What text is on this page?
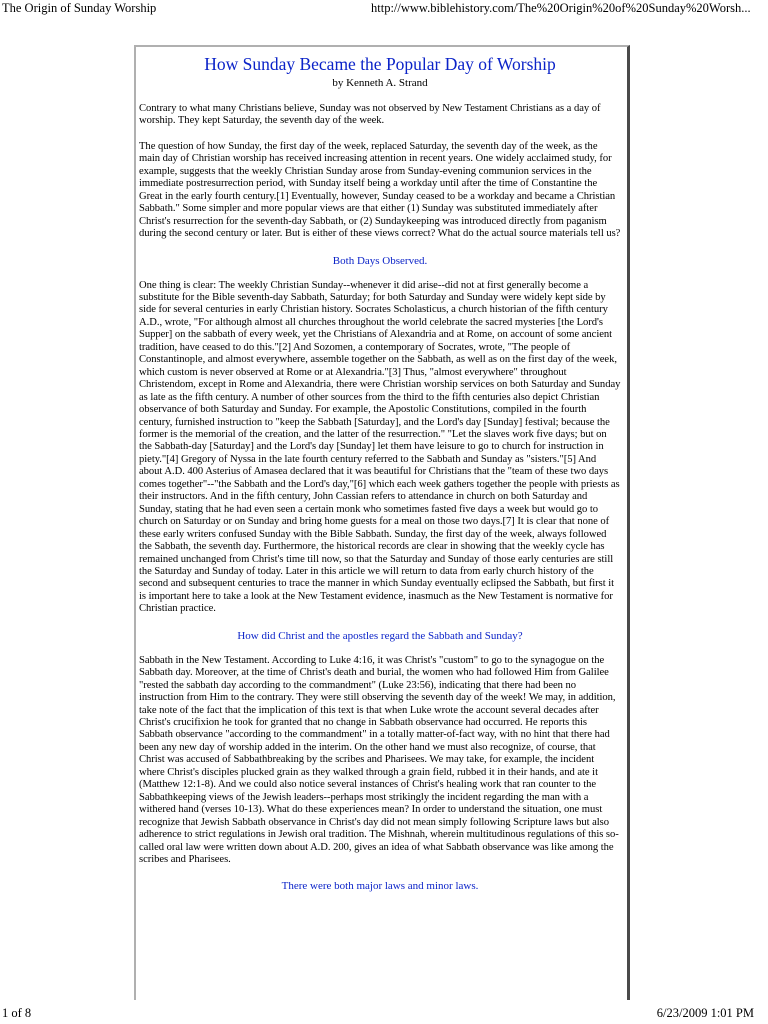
The Origin of Sunday Worship	http://www.biblehistory.com/The%20Origin%20of%20Sunday%20Worsh...
How Sunday Became the Popular Day of Worship
by Kenneth A. Strand

Contrary to what many Christians believe, Sunday was not observed by New Testament Christians as a day of worship. They kept Saturday, the seventh day of the week.

The question of how Sunday, the first day of the week, replaced Saturday, the seventh day of the week, as the main day of Christian worship has received increasing attention in recent years. One widely acclaimed study, for example, suggests that the weekly Christian Sunday arose from Sunday-evening communion services in the immediate postresurrection period, with Sunday itself being a workday until after the time of Constantine the Great in the early fourth century.[1] Eventually, however, Sunday ceased to be a workday and became a Christian Sabbath." Some simpler and more popular views are that either (1) Sunday was substituted immediately after Christ's resurrection for the seventh-day Sabbath, or (2) Sundaykeeping was introduced directly from paganism during the second century or later. But is either of these views correct? What do the actual source materials tell us?

Both Days Observed.

One thing is clear: The weekly Christian Sunday--whenever it did arise--did not at first generally become a substitute for the Bible seventh-day Sabbath, Saturday; for both Saturday and Sunday were widely kept side by side for several centuries in early Christian history. Socrates Scholasticus, a church historian of the fifth century A.D., wrote, "For although almost all churches throughout the world celebrate the sacred mysteries [the Lord's Supper] on the sabbath of every week, yet the Christians of Alexandria and at Rome, on account of some ancient tradition, have ceased to do this."[2] And Sozomen, a contemporary of Socrates, wrote, "The people of Constantinople, and almost everywhere, assemble together on the Sabbath, as well as on the first day of the week, which custom is never observed at Rome or at Alexandria."[3] Thus, "almost everywhere" throughout Christendom, except in Rome and Alexandria, there were Christian worship services on both Saturday and Sunday as late as the fifth century. A number of other sources from the third to the fifth centuries also depict Christian observance of both Saturday and Sunday. For example, the Apostolic Constitutions, compiled in the fourth century, furnished instruction to "keep the Sabbath [Saturday], and the Lord's day [Sunday] festival; because the former is the memorial of the creation, and the latter of the resurrection." "Let the slaves work five days; but on the Sabbath-day [Saturday] and the Lord's day [Sunday] let them have leisure to go to church for instruction in piety."[4] Gregory of Nyssa in the late fourth century referred to the Sabbath and Sunday as "sisters."[5] And about A.D. 400 Asterius of Amasea declared that it was beautiful for Christians that the "team of these two days comes together"--"the Sabbath and the Lord's day,"[6] which each week gathers together the people with priests as their instructors. And in the fifth century, John Cassian refers to attendance in church on both Saturday and Sunday, stating that he had even seen a certain monk who sometimes fasted five days a week but would go to church on Saturday or on Sunday and bring home guests for a meal on those two days.[7] It is clear that none of these early writers confused Sunday with the Bible Sabbath. Sunday, the first day of the week, always followed the Sabbath, the seventh day. Furthermore, the historical records are clear in showing that the weekly cycle has remained unchanged from Christ's time till now, so that the Saturday and Sunday of those early centuries are still the Saturday and Sunday of today. Later in this article we will return to data from early church history of the second and subsequent centuries to trace the manner in which Sunday eventually eclipsed the Sabbath, but first it is important here to take a look at the New Testament evidence, inasmuch as the New Testament is normative for Christian practice.

How did Christ and the apostles regard the Sabbath and Sunday?

Sabbath in the New Testament. According to Luke 4:16, it was Christ's "custom" to go to the synagogue on the Sabbath day. Moreover, at the time of Christ's death and burial, the women who had followed Him from Galilee "rested the sabbath day according to the commandment" (Luke 23:56), indicating that there had been no instruction from Him to the contrary. They were still observing the seventh day of the week! We may, in addition, take note of the fact that the implication of this text is that when Luke wrote the account several decades after Christ's crucifixion he took for granted that no change in Sabbath observance had occurred. He reports this Sabbath observance "according to the commandment" in a totally matter-of-fact way, with no hint that there had been any new day of worship added in the interim. On the other hand we must also recognize, of course, that Christ was accused of Sabbathbreaking by the scribes and Pharisees. We may take, for example, the incident where Christ's disciples plucked grain as they walked through a grain field, rubbed it in their hands, and ate it (Matthew 12:1-8). And we could also notice several instances of Christ's healing work that ran counter to the Sabbathkeeping views of the Jewish leaders--perhaps most strikingly the incident regarding the man with a withered hand (verses 10-13). What do these experiences mean? In order to understand the situation, one must recognize that Jewish Sabbath observance in Christ's day did not mean simply following Scripture laws but also adherence to strict regulations in Jewish oral tradition. The Mishnah, wherein multitudinous regulations of this so-called oral law were written down about A.D. 200, gives an idea of what Sabbath observance was like among the scribes and Pharisees.

There were both major laws and minor laws.
1 of 8	6/23/2009 1:01 PM
